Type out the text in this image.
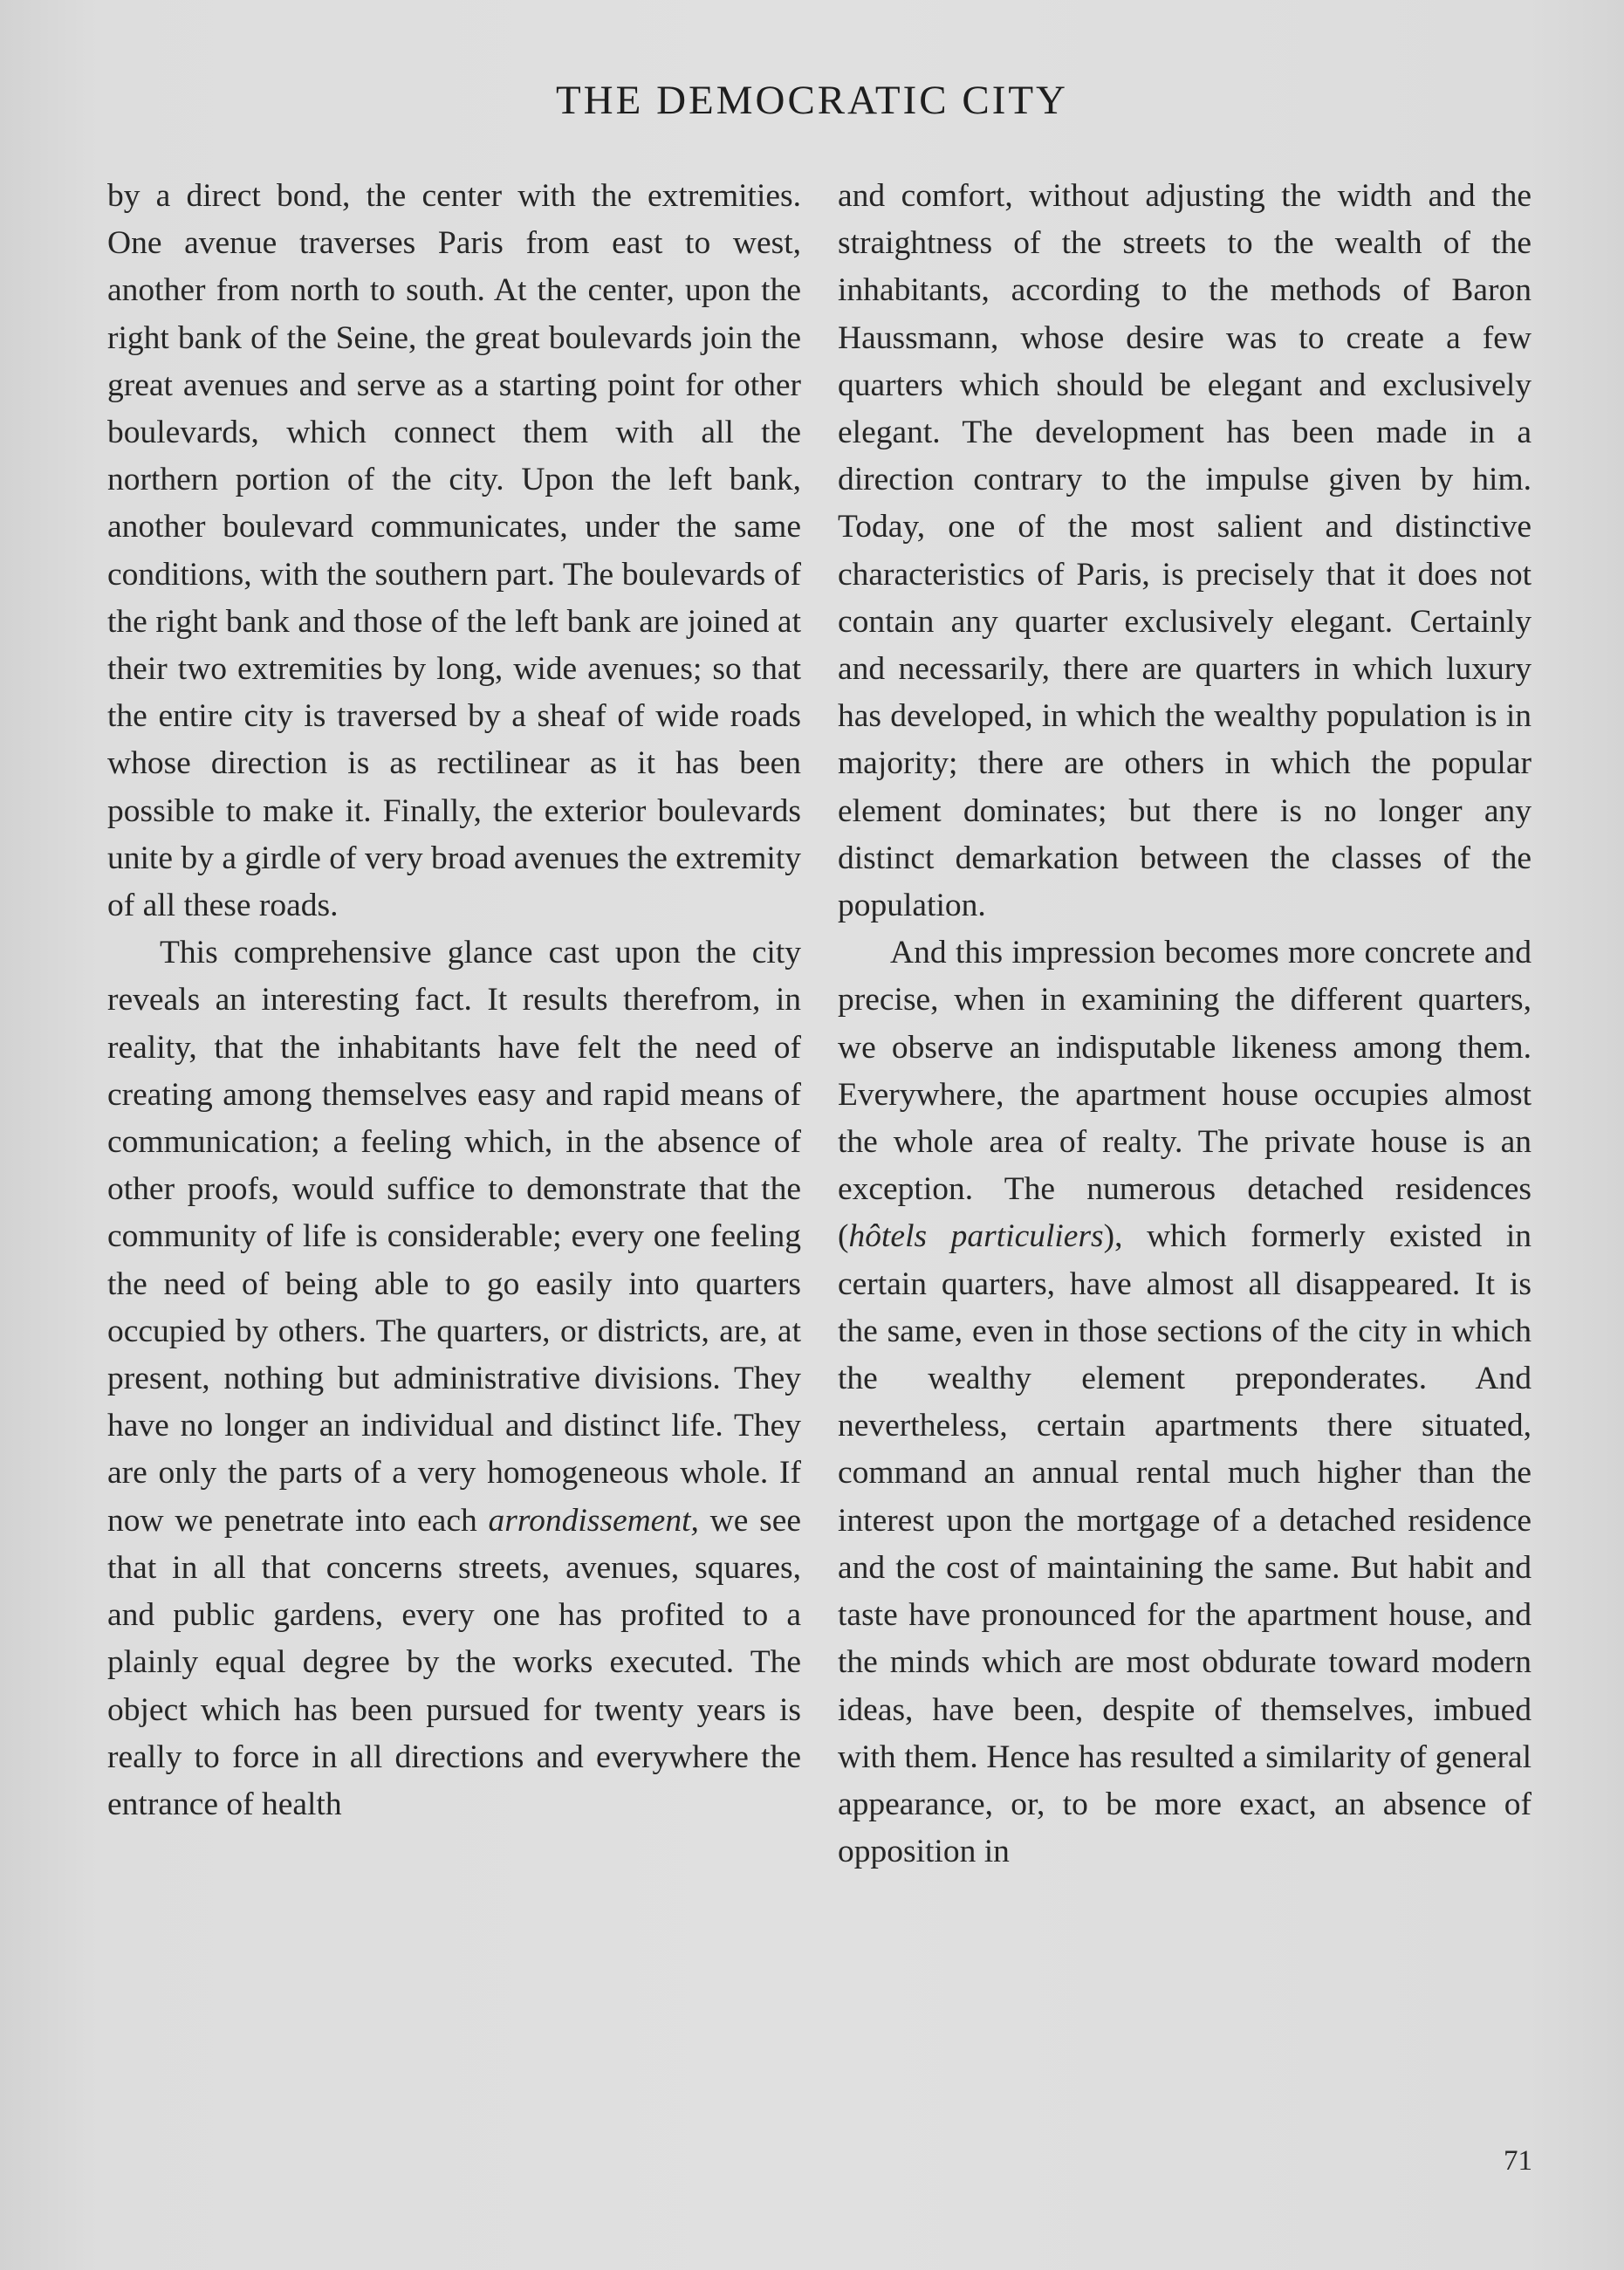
THE DEMOCRATIC CITY

by a direct bond, the center with the extremities. One avenue traverses Paris from east to west, another from north to south. At the center, upon the right bank of the Seine, the great boulevards join the great avenues and serve as a starting point for other boulevards, which connect them with all the northern portion of the city. Upon the left bank, another boulevard communicates, under the same conditions, with the southern part. The boulevards of the right bank and those of the left bank are joined at their two extremities by long, wide avenues; so that the entire city is traversed by a sheaf of wide roads whose direction is as rectilinear as it has been possible to make it. Finally, the exterior boulevards unite by a girdle of very broad avenues the extremity of all these roads.

This comprehensive glance cast upon the city reveals an interesting fact. It results therefrom, in reality, that the inhabitants have felt the need of creating among themselves easy and rapid means of communication; a feeling which, in the absence of other proofs, would suffice to demonstrate that the community of life is considerable; every one feeling the need of being able to go easily into quarters occupied by others. The quarters, or districts, are, at present, nothing but administrative divisions. They have no longer an individual and distinct life. They are only the parts of a very homogeneous whole. If now we penetrate into each arrondissement, we see that in all that concerns streets, avenues, squares, and public gardens, every one has profited to a plainly equal degree by the works executed. The object which has been pursued for twenty years is really to force in all directions and everywhere the entrance of health

and comfort, without adjusting the width and the straightness of the streets to the wealth of the inhabitants, according to the methods of Baron Haussmann, whose desire was to create a few quarters which should be elegant and exclusively elegant. The development has been made in a direction contrary to the impulse given by him. Today, one of the most salient and distinctive characteristics of Paris, is precisely that it does not contain any quarter exclusively elegant. Certainly and necessarily, there are quarters in which luxury has developed, in which the wealthy population is in majority; there are others in which the popular element dominates; but there is no longer any distinct demarkation between the classes of the population.

And this impression becomes more concrete and precise, when in examining the different quarters, we observe an indisputable likeness among them. Everywhere, the apartment house occupies almost the whole area of realty. The private house is an exception. The numerous detached residences (hôtels particuliers), which formerly existed in certain quarters, have almost all disappeared. It is the same, even in those sections of the city in which the wealthy element preponderates. And nevertheless, certain apartments there situated, command an annual rental much higher than the interest upon the mortgage of a detached residence and the cost of maintaining the same. But habit and taste have pronounced for the apartment house, and the minds which are most obdurate toward modern ideas, have been, despite of themselves, imbued with them. Hence has resulted a similarity of general appearance, or, to be more exact, an absence of opposition in

71
